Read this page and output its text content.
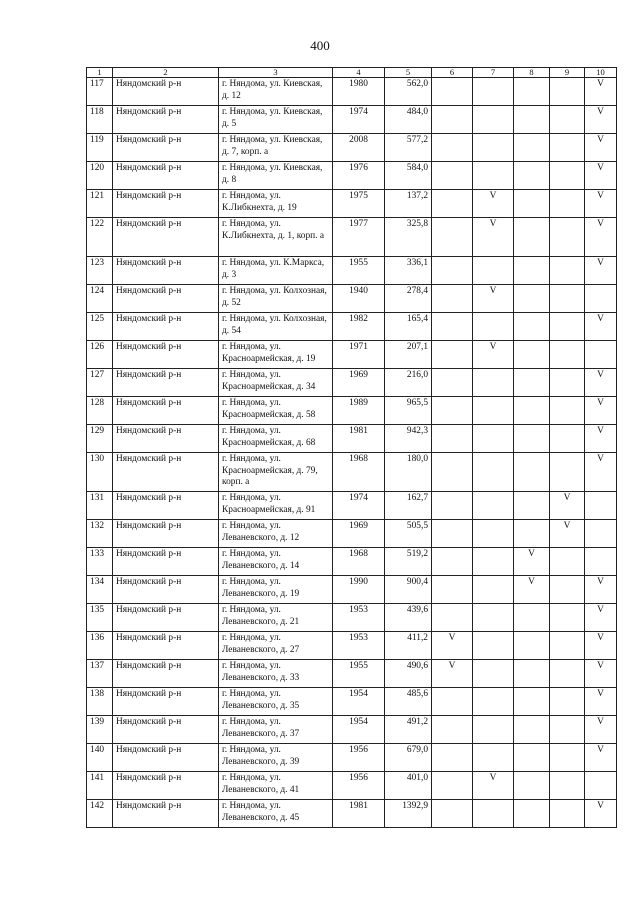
400
1	2	3	4	5	6	7	8	9	10
117	Няндомский р-н	г. Няндома, ул. Киевская, д. 12	1980	562,0					V
118	Няндомский р-н	г. Няндома, ул. Киевская, д. 5	1974	484,0					V
119	Няндомский р-н	г. Няндома, ул. Киевская, д. 7, корп. а	2008	577,2					V
120	Няндомский р-н	г. Няндома, ул. Киевская, д. 8	1976	584,0					V
121	Няндомский р-н	г. Няндома, ул. К.Либкнехта, д. 19	1975	137,2		V			V
122	Няндомский р-н	г. Няндома, ул. К.Либкнехта, д. 1, корп. а	1977	325,8		V			V
123	Няндомский р-н	г. Няндома, ул. К.Маркса, д. 3	1955	336,1					V
124	Няндомский р-н	г. Няндома, ул. Колхозная, д. 52	1940	278,4		V			
125	Няндомский р-н	г. Няндома, ул. Колхозная, д. 54	1982	165,4					V
126	Няндомский р-н	г. Няндома, ул. Красноармейская, д. 19	1971	207,1		V			
127	Няндомский р-н	г. Няндома, ул. Красноармейская, д. 34	1969	216,0					V
128	Няндомский р-н	г. Няндома, ул. Красноармейская, д. 58	1989	965,5					V
129	Няндомский р-н	г. Няндома, ул. Красноармейская, д. 68	1981	942,3					V
130	Няндомский р-н	г. Няндома, ул. Красноармейская, д. 79, корп. а	1968	180,0					V
131	Няндомский р-н	г. Няндома, ул. Красноармейская, д. 91	1974	162,7				V	
132	Няндомский р-н	г. Няндома, ул. Леваневского, д. 12	1969	505,5				V	
133	Няндомский р-н	г. Няндома, ул. Леваневского, д. 14	1968	519,2			V		
134	Няндомский р-н	г. Няндома, ул. Леваневского, д. 19	1990	900,4			V		V
135	Няндомский р-н	г. Няндома, ул. Леваневского, д. 21	1953	439,6					V
136	Няндомский р-н	г. Няндома, ул. Леваневского, д. 27	1953	411,2	V				V
137	Няндомский р-н	г. Няндома, ул. Леваневского, д. 33	1955	490,6	V				V
138	Няндомский р-н	г. Няндома, ул. Леваневского, д. 35	1954	485,6					V
139	Няндомский р-н	г. Няндома, ул. Леваневского, д. 37	1954	491,2					V
140	Няндомский р-н	г. Няндома, ул. Леваневского, д. 39	1956	679,0					V
141	Няндомский р-н	г. Няндома, ул. Леваневского, д. 41	1956	401,0		V			
142	Няндомский р-н	г. Няндома, ул. Леваневского, д. 45	1981	1392,9					V
